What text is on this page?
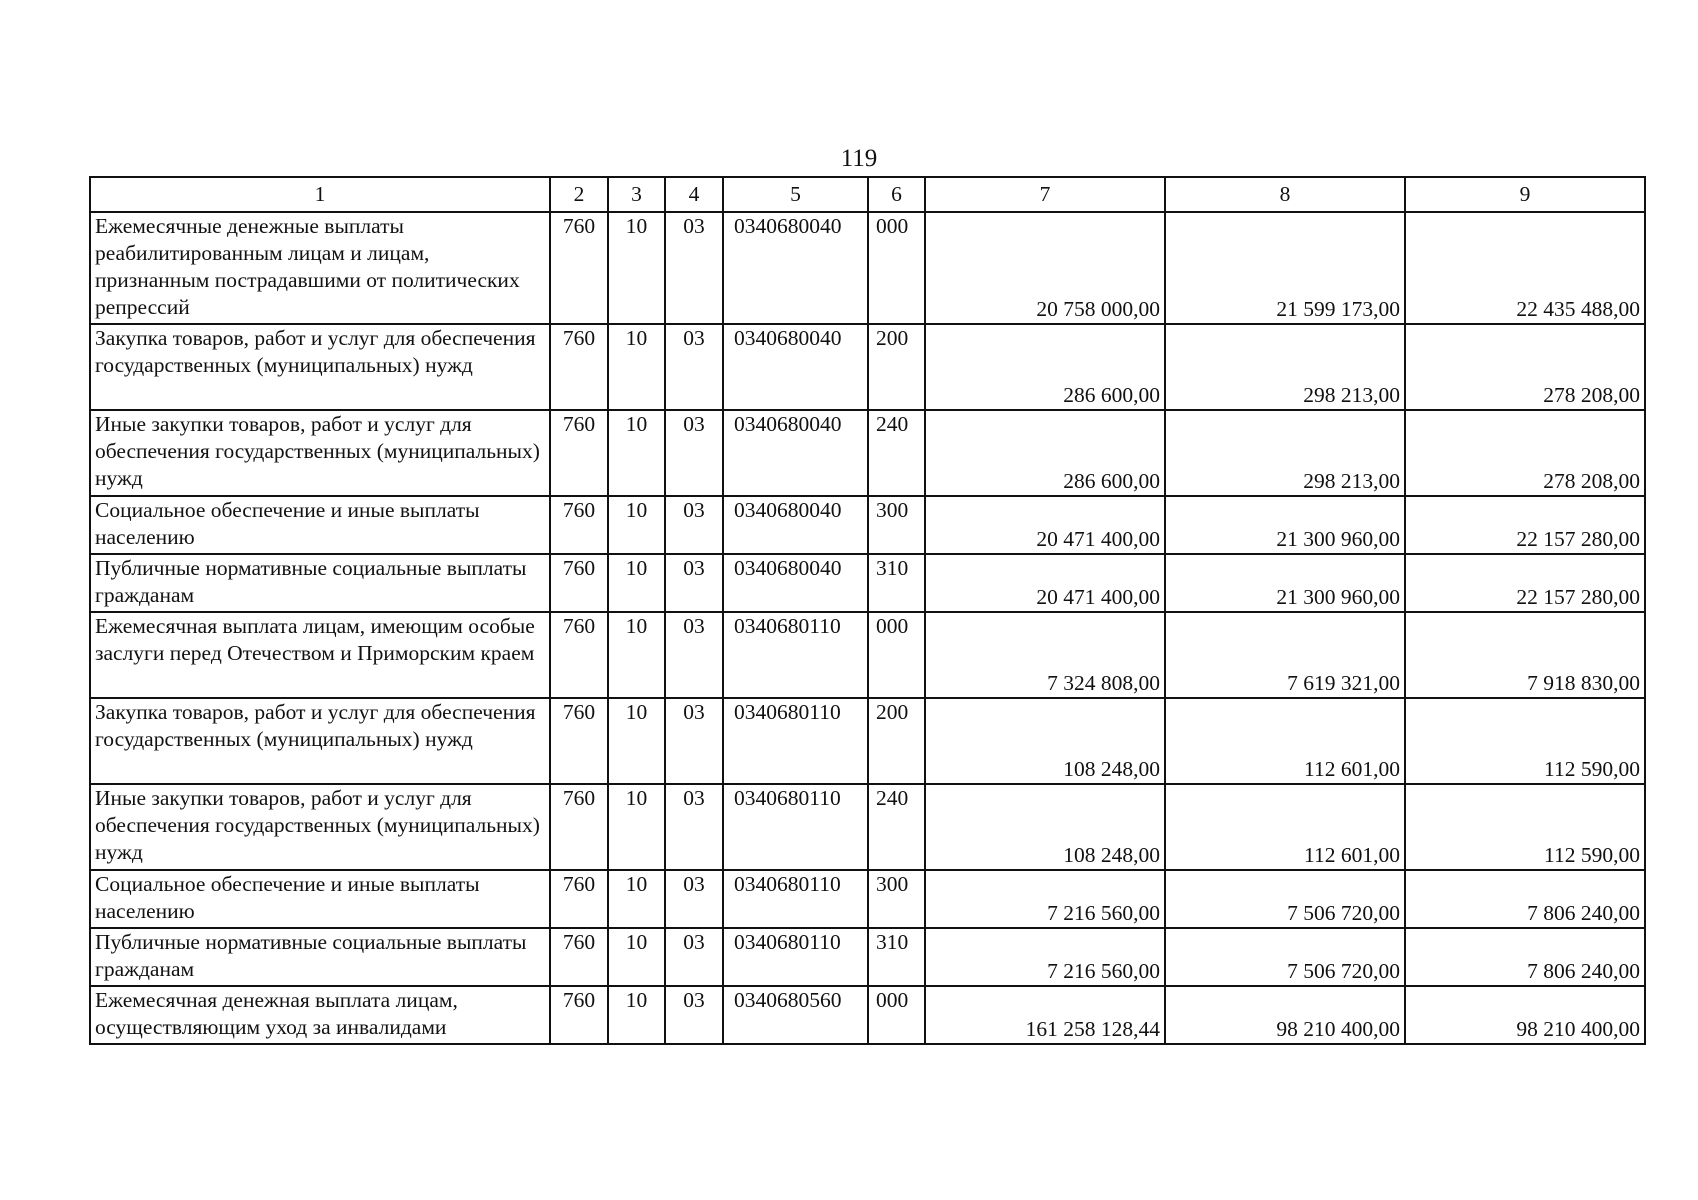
119
1	2	3	4	5	6	7	8	9
Ежемесячные денежные выплаты реабилитированным лицам и лицам, признанным пострадавшими от политических репрессий	760	10	03	0340680040	000	20 758 000,00	21 599 173,00	22 435 488,00
Закупка товаров, работ и услуг для обеспечения государственных (муниципальных) нужд	760	10	03	0340680040	200	286 600,00	298 213,00	278 208,00
Иные закупки товаров, работ и услуг для обеспечения государственных (муниципальных) нужд	760	10	03	0340680040	240	286 600,00	298 213,00	278 208,00
Социальное обеспечение и иные выплаты населению	760	10	03	0340680040	300	20 471 400,00	21 300 960,00	22 157 280,00
Публичные нормативные социальные выплаты гражданам	760	10	03	0340680040	310	20 471 400,00	21 300 960,00	22 157 280,00
Ежемесячная выплата лицам, имеющим особые заслуги перед Отечеством и Приморским краем	760	10	03	0340680110	000	7 324 808,00	7 619 321,00	7 918 830,00
Закупка товаров, работ и услуг для обеспечения государственных (муниципальных) нужд	760	10	03	0340680110	200	108 248,00	112 601,00	112 590,00
Иные закупки товаров, работ и услуг для обеспечения государственных (муниципальных) нужд	760	10	03	0340680110	240	108 248,00	112 601,00	112 590,00
Социальное обеспечение и иные выплаты населению	760	10	03	0340680110	300	7 216 560,00	7 506 720,00	7 806 240,00
Публичные нормативные социальные выплаты гражданам	760	10	03	0340680110	310	7 216 560,00	7 506 720,00	7 806 240,00
Ежемесячная денежная выплата лицам, осуществляющим уход за инвалидами	760	10	03	0340680560	000	161 258 128,44	98 210 400,00	98 210 400,00
